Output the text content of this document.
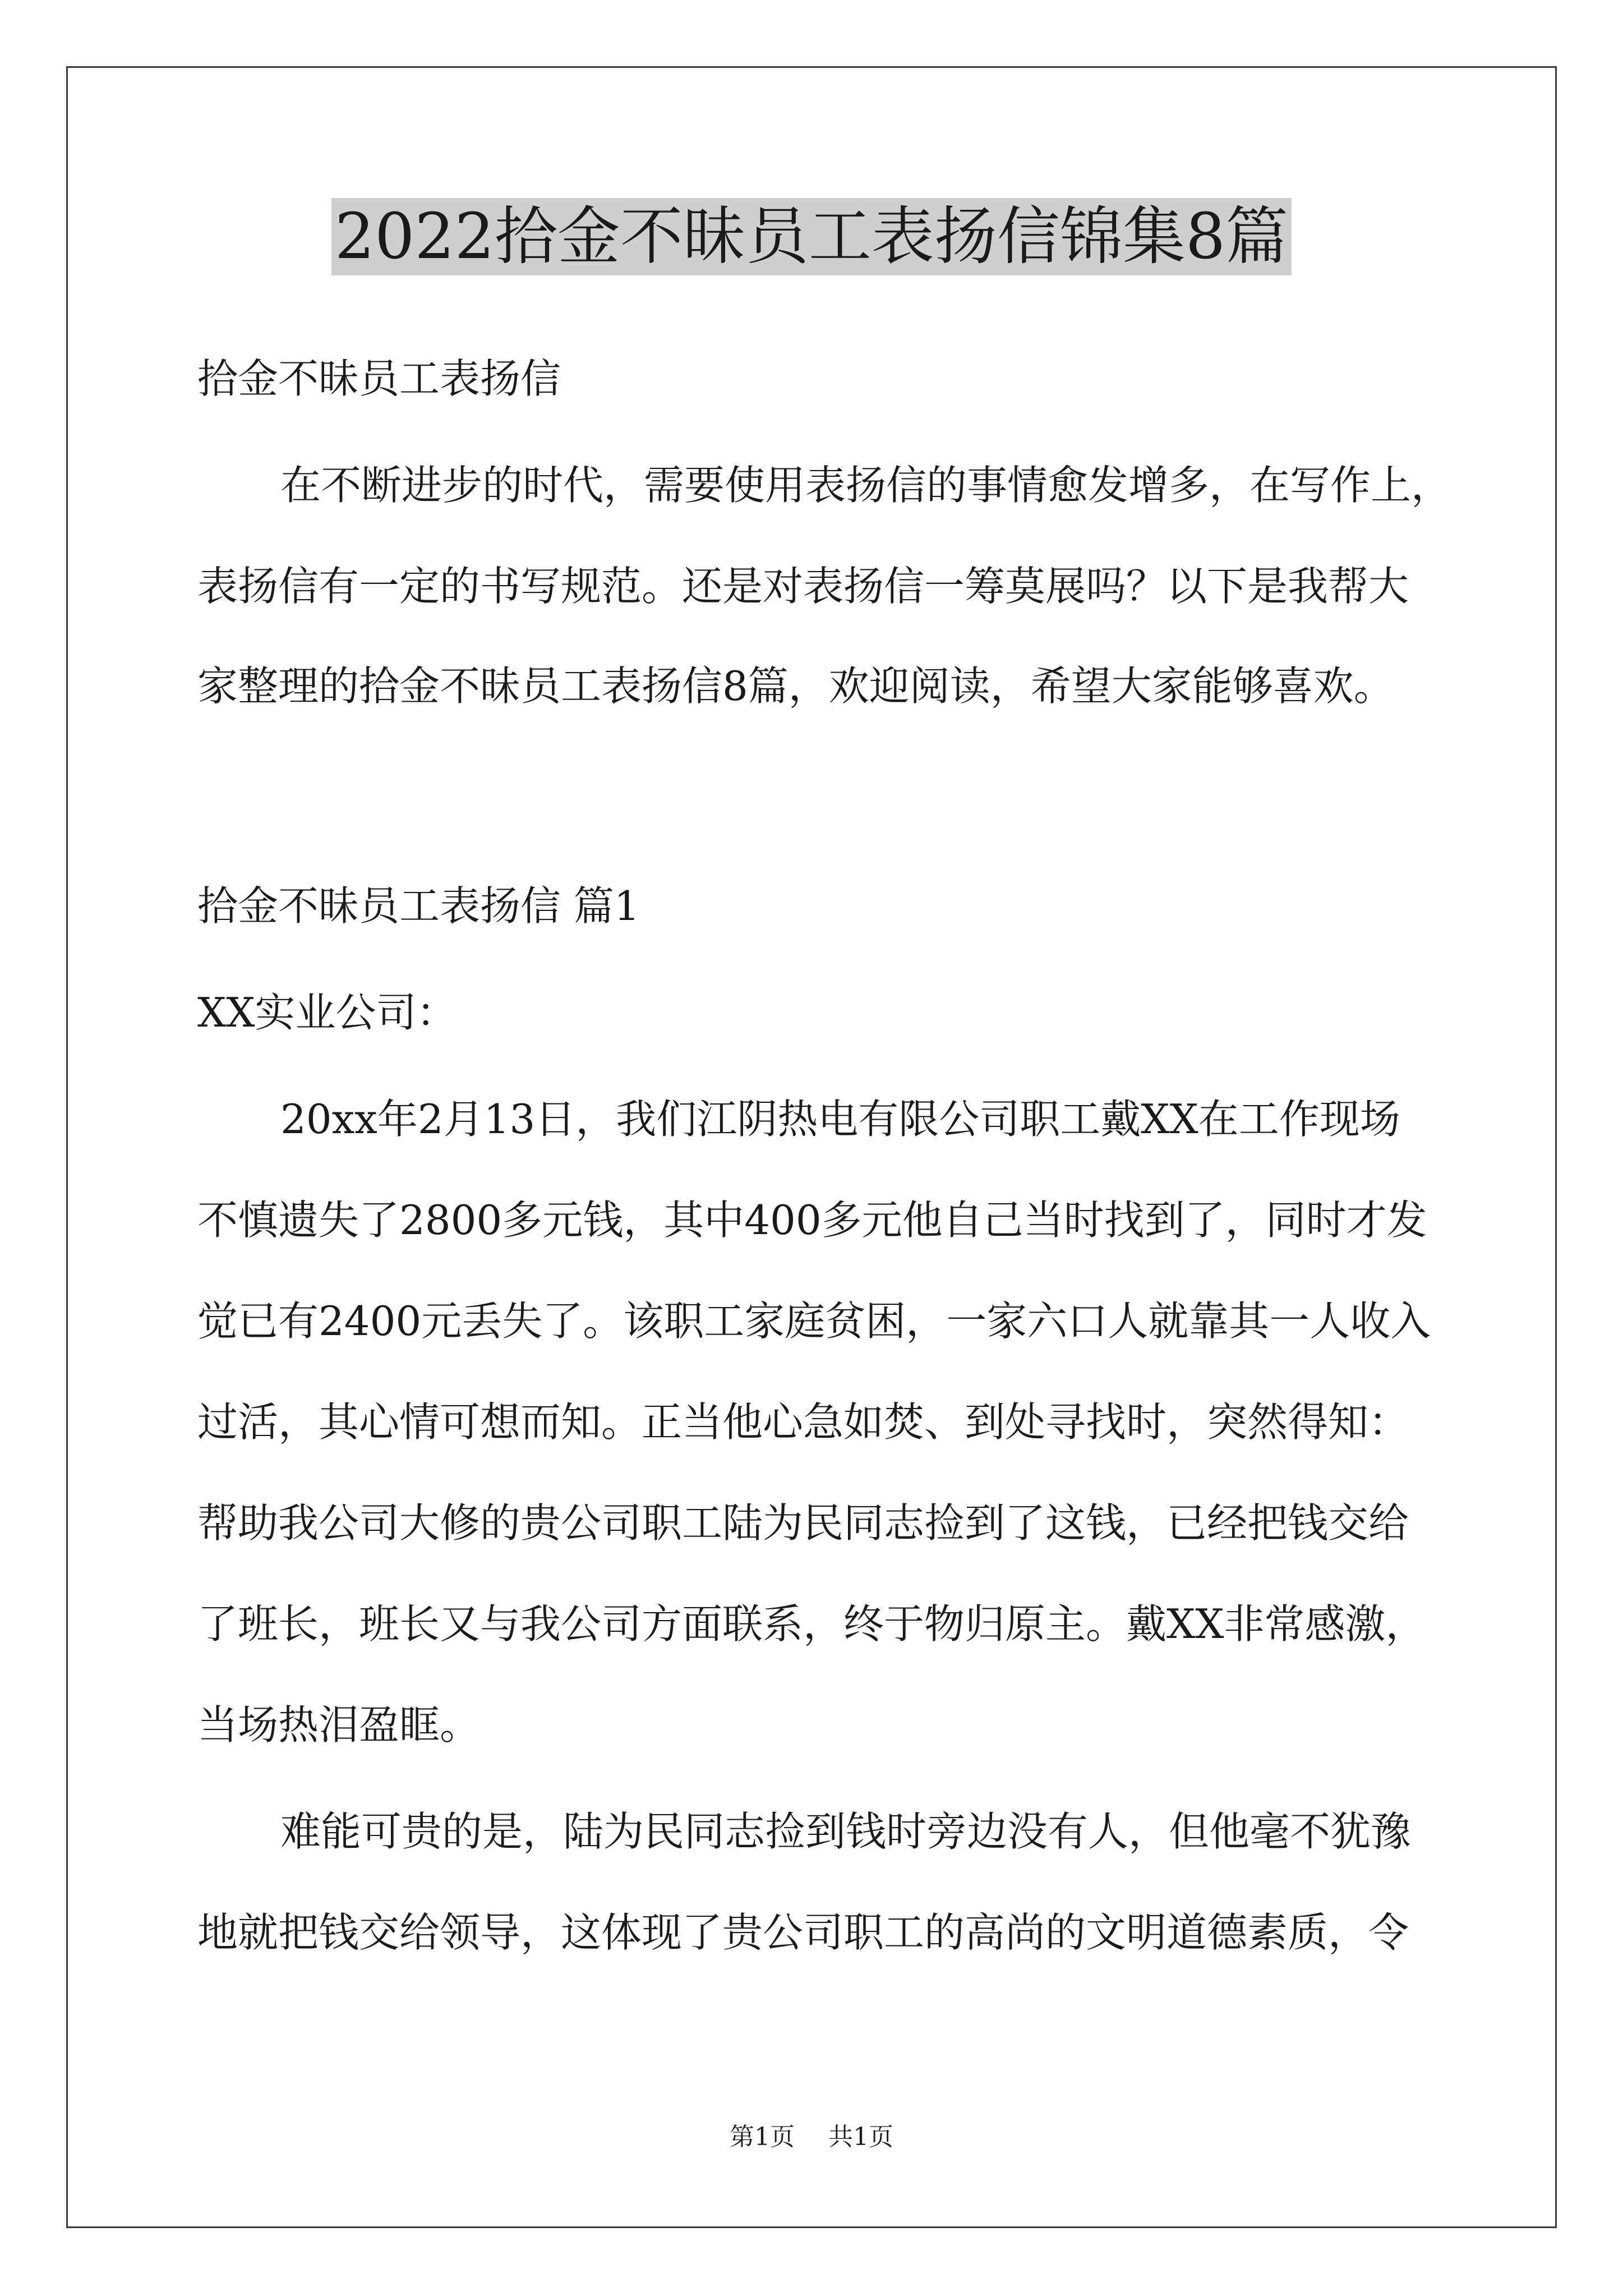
2022拾金不昧员工表扬信锦集8篇
拾金不昧员工表扬信
在不断进步的时代，需要使用表扬信的事情愈发增多，在写作上，
表扬信有一定的书写规范。还是对表扬信一筹莫展吗？以下是我帮大
家整理的拾金不昧员工表扬信8篇，欢迎阅读，希望大家能够喜欢。
拾金不昧员工表扬信 篇1
XX实业公司：
20xx年2月13日，我们江阴热电有限公司职工戴XX在工作现场
不慎遗失了2800多元钱，其中400多元他自己当时找到了，同时才发
觉已有2400元丢失了。该职工家庭贫困，一家六口人就靠其一人收入
过活，其心情可想而知。正当他心急如焚、到处寻找时，突然得知：
帮助我公司大修的贵公司职工陆为民同志捡到了这钱，已经把钱交给
了班长，班长又与我公司方面联系，终于物归原主。戴XX非常感激，
当场热泪盈眶。
难能可贵的是，陆为民同志捡到钱时旁边没有人，但他毫不犹豫
地就把钱交给领导，这体现了贵公司职工的高尚的文明道德素质，令
第1页 共1页
